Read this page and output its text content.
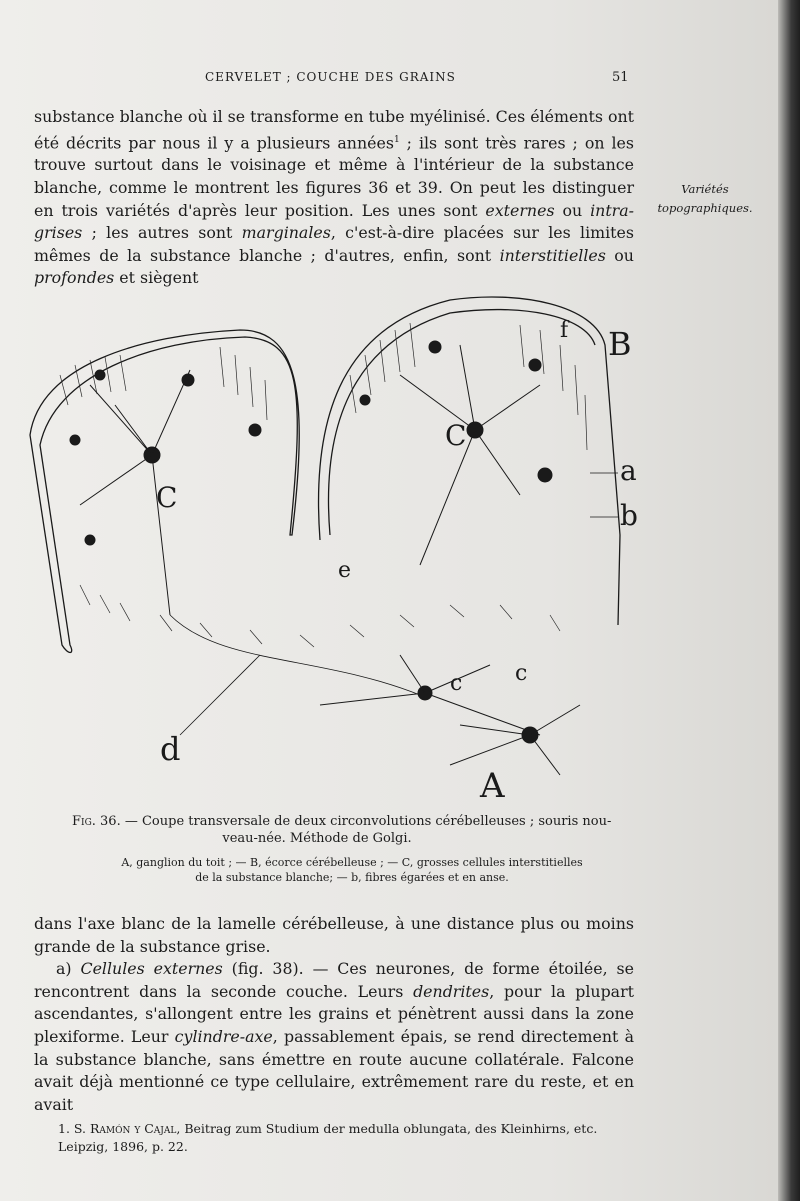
CERVELET ; COUCHE DES GRAINS	51

substance blanche où il se transforme en tube myélinisé. Ces éléments ont été décrits par nous il y a plusieurs années$^1$ ; ils sont très rares ; on les trouve surtout dans le voisinage et même à l'intérieur de la substance blanche, comme le montrent les figures 36 et 39. On peut les distinguer en trois variétés d'après leur position. Les unes sont externes ou intra-grises ; les autres sont marginales, c'est-à-dire placées sur les limites mêmes de la substance blanche ; d'autres, enfin, sont interstitielles ou profondes et siègent

Variétés topographiques.
B
f
a
b
C
C
e
c c
d
A
Fig. 36. — Coupe transversale de deux circonvolutions cérébelleuses ; souris nou-
veau-née. Méthode de Golgi.
A, ganglion du toit ; — B, écorce cérébelleuse ; — C, grosses cellules interstitielles
de la substance blanche; — b, fibres égarées et en anse.

dans l'axe blanc de la lamelle cérébelleuse, à une distance plus ou moins grande de la substance grise.

a) Cellules externes (fig. 38). — Ces neurones, de forme étoilée, se rencontrent dans la seconde couche. Leurs dendrites, pour la plupart ascendantes, s'allongent entre les grains et pénètrent aussi dans la zone plexiforme. Leur cylindre-axe, passablement épais, se rend directement à la substance blanche, sans émettre en route aucune collatérale. Falcone avait déjà mentionné ce type cellulaire, extrêmement rare du reste, et en avait

1. S. Ramón y Cajal, Beitrag zum Studium der medulla oblungata, des Kleinhirns, etc. Leipzig, 1896, p. 22.
